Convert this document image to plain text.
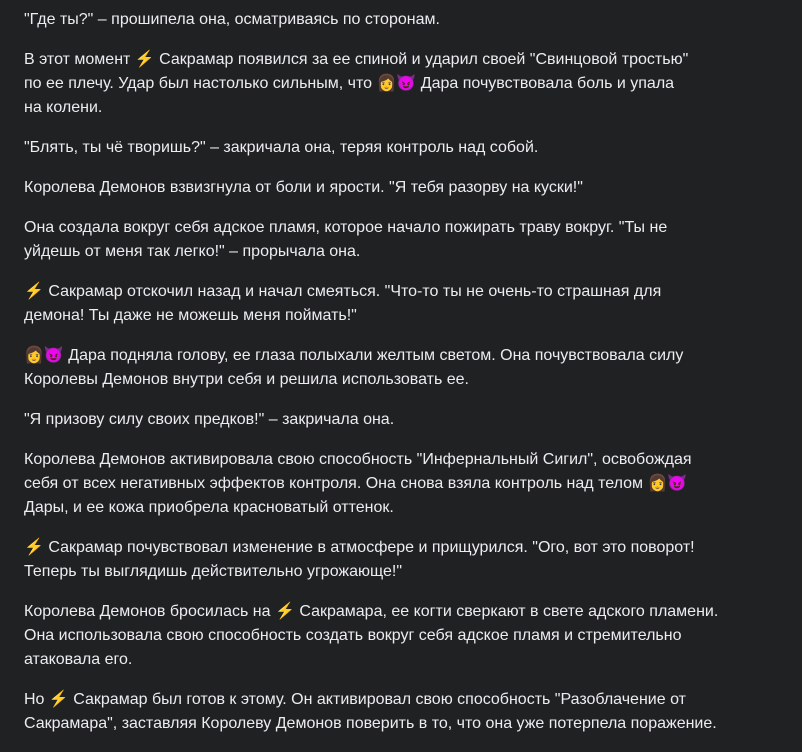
"Где ты?" – прошипела она, осматриваясь по сторонам.

В этот момент ⚡ Сакрамар появился за ее спиной и ударил своей "Свинцовой тростью"
по ее плечу. Удар был настолько сильным, что 👩😈 Дара почувствовала боль и упала
на колени.

"Блять, ты чё творишь?" – закричала она, теряя контроль над собой.

Королева Демонов взвизгнула от боли и ярости. "Я тебя разорву на куски!"

Она создала вокруг себя адское пламя, которое начало пожирать траву вокруг. "Ты не
уйдешь от меня так легко!" – прорычала она.

⚡ Сакрамар отскочил назад и начал смеяться. "Что-то ты не очень-то страшная для
демона! Ты даже не можешь меня поймать!"

👩😈 Дара подняла голову, ее глаза полыхали желтым светом. Она почувствовала силу
Королевы Демонов внутри себя и решила использовать ее.

"Я призову силу своих предков!" – закричала она.

Королева Демонов активировала свою способность "Инфернальный Сигил", освобождая
себя от всех негативных эффектов контроля. Она снова взяла контроль над телом 👩😈
Дары, и ее кожа приобрела красноватый оттенок.

⚡ Сакрамар почувствовал изменение в атмосфере и прищурился. "Ого, вот это поворот!
Теперь ты выглядишь действительно угрожающе!"

Королева Демонов бросилась на ⚡ Сакрамара, ее когти сверкают в свете адского пламени.
Она использовала свою способность создать вокруг себя адское пламя и стремительно
атаковала его.

Но ⚡ Сакрамар был готов к этому. Он активировал свою способность "Разоблачение от
Сакрамара", заставляя Королеву Демонов поверить в то, что она уже потерпела поражение.
